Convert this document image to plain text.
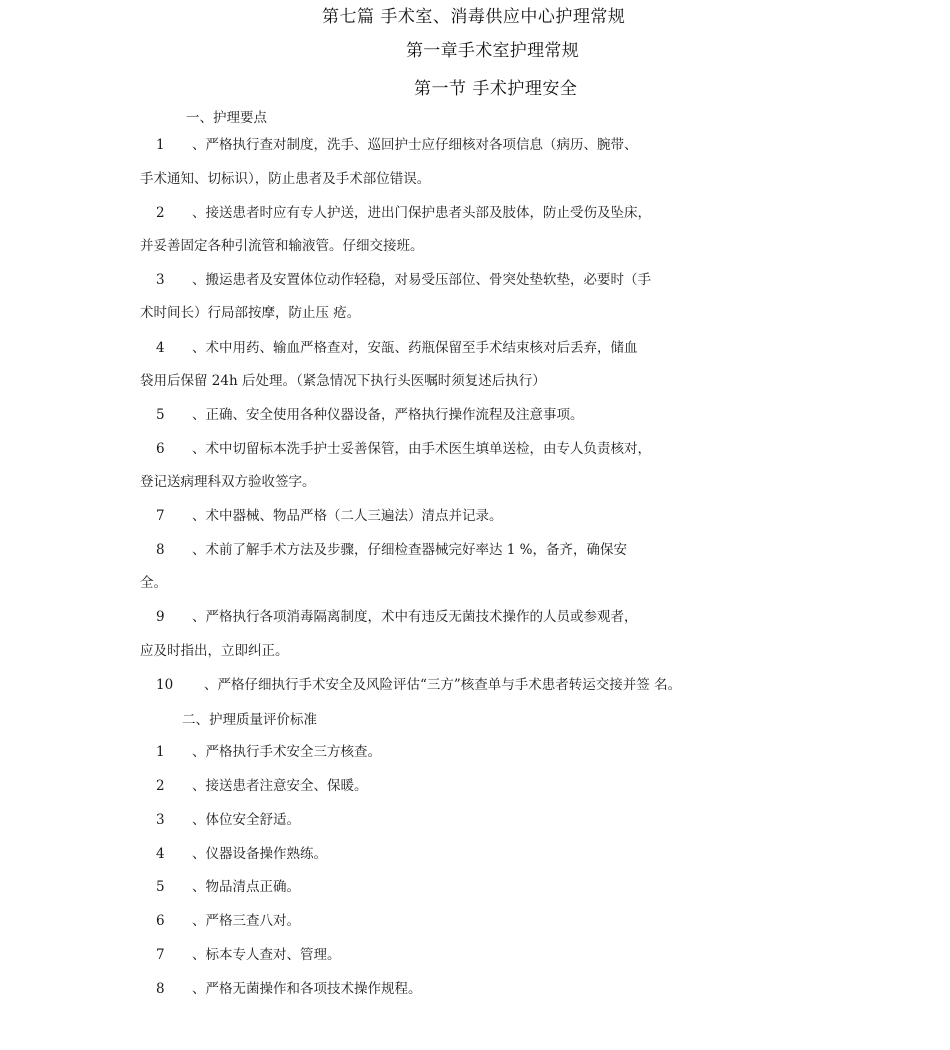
第七篇 手术室、消毒供应中心护理常规
第一章手术室护理常规
第一节 手术护理安全
一、护理要点
1 、严格执行查对制度，洗手、巡回护士应仔细核对各项信息（病历、腕带、
手术通知、切标识），防止患者及手术部位错误。
2 、接送患者时应有专人护送，进出门保护患者头部及肢体，防止受伤及坠床，
并妥善固定各种引流管和输液管。仔细交接班。
3 、搬运患者及安置体位动作轻稳，对易受压部位、骨突处垫软垫，必要时（手
术时间长）行局部按摩，防止压 疮。
4 、术中用药、输血严格查对，安瓿、药瓶保留至手术结束核对后丢弃，储血
袋用后保留 24h 后处理。（紧急情况下执行头医嘱时须复述后执行）
5 、正确、安全使用各种仪器设备，严格执行操作流程及注意事项。
6 、术中切留标本洗手护士妥善保管，由手术医生填单送检，由专人负责核对，
登记送病理科双方验收签字。
7 、术中器械、物品严格（二人三遍法）清点并记录。
8 、术前了解手术方法及步骤，仔细检查器械完好率达 1 %，备齐，确保安
全。
9 、严格执行各项消毒隔离制度，术中有违反无菌技术操作的人员或参观者，
应及时指出，立即纠正。
10 、严格仔细执行手术安全及风险评估“三方”核查单与手术患者转运交接并签 名。
二、护理质量评价标准
1 、严格执行手术安全三方核查。
2 、接送患者注意安全、保暖。
3 、体位安全舒适。
4 、仪器设备操作熟练。
5 、物品清点正确。
6 、严格三查八对。
7 、标本专人查对、管理。
8 、严格无菌操作和各项技术操作规程。
